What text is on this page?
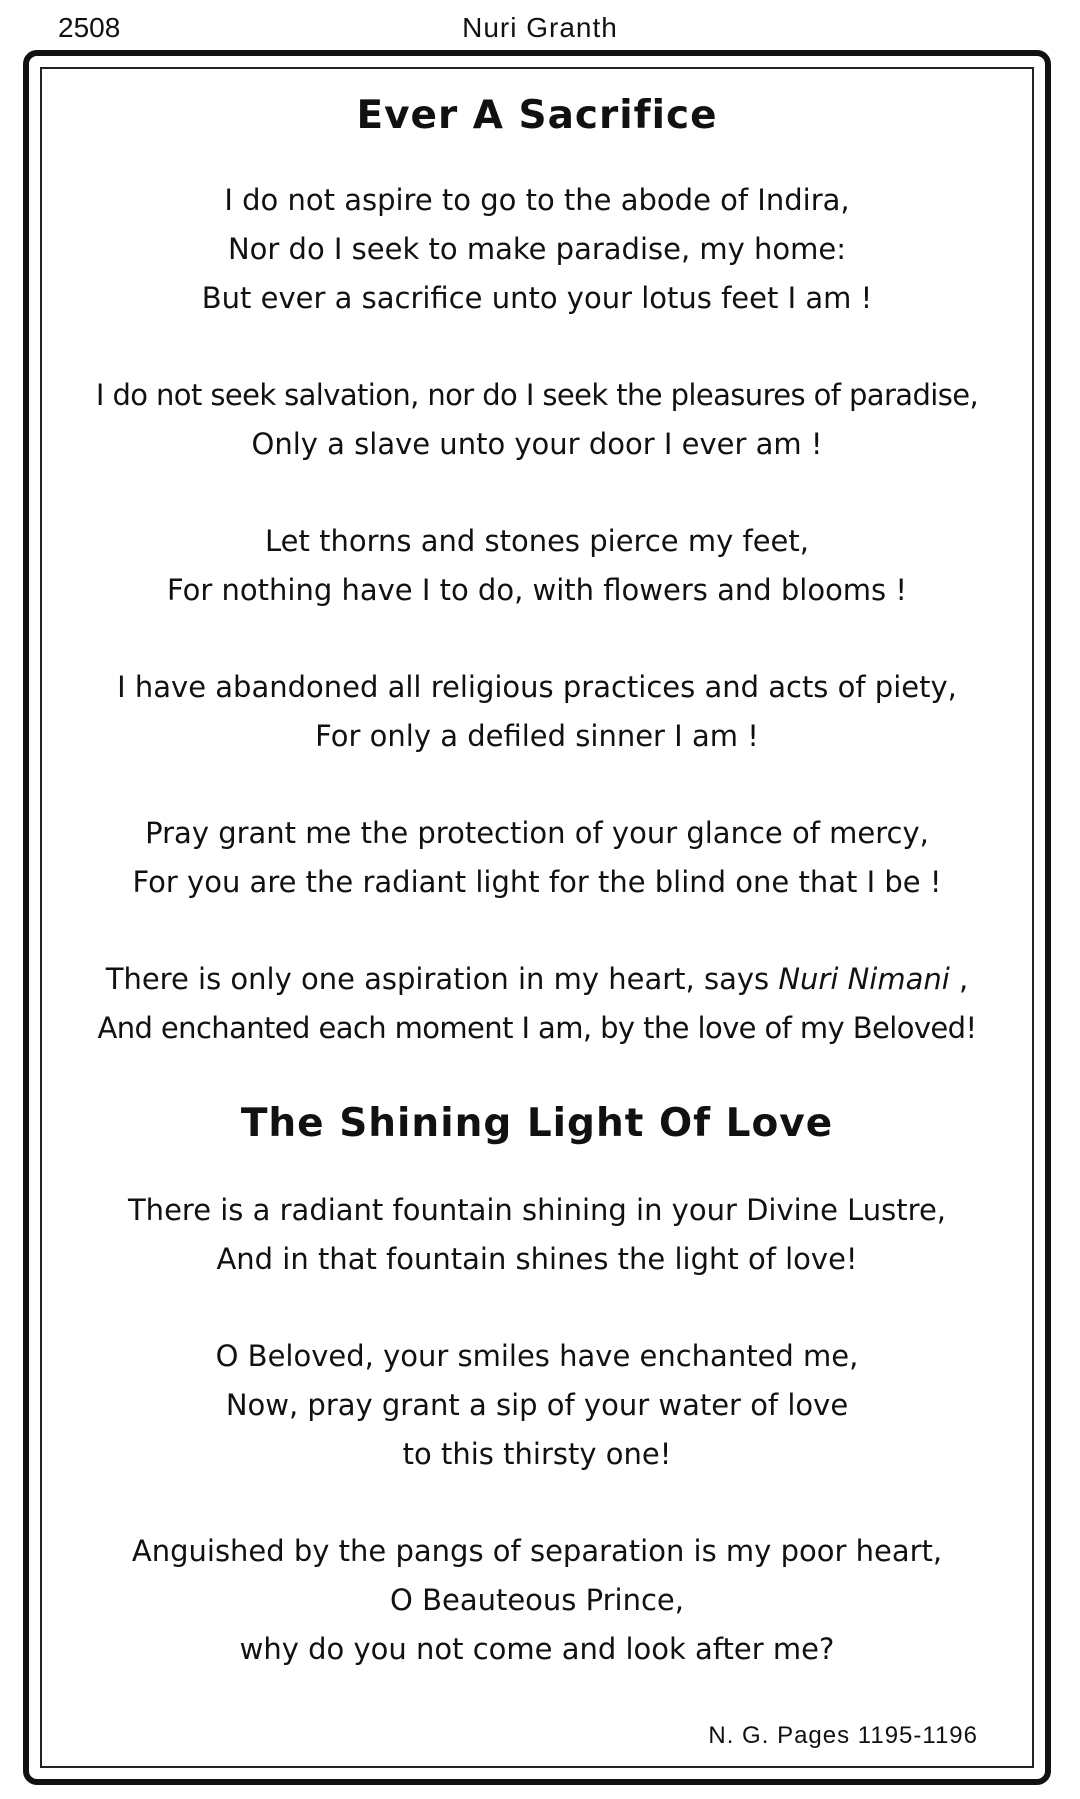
2508	Nuri Granth
Ever A Sacrifice

I do not aspire to go to the abode of Indira,
Nor do I seek to make paradise, my home:
But ever a sacrifice unto your lotus feet I am !

I do not seek salvation, nor do I seek the pleasures of paradise,
Only a slave unto your door I ever am !

Let thorns and stones pierce my feet,
For nothing have I to do, with flowers and blooms !

I have abandoned all religious practices and acts of piety,
For only a defiled sinner I am !

Pray grant me the protection of your glance of mercy,
For you are the radiant light for the blind one that I be !

There is only one aspiration in my heart, says Nuri Nimani ,
And enchanted each moment I am, by the love of my Beloved!

The Shining Light Of Love

There is a radiant fountain shining in your Divine Lustre,
And in that fountain shines the light of love!

O Beloved, your smiles have enchanted me,
Now, pray grant a sip of your water of love
to this thirsty one!

Anguished by the pangs of separation is my poor heart,
O Beauteous Prince,
why do you not come and look after me?

N. G. Pages 1195-1196
